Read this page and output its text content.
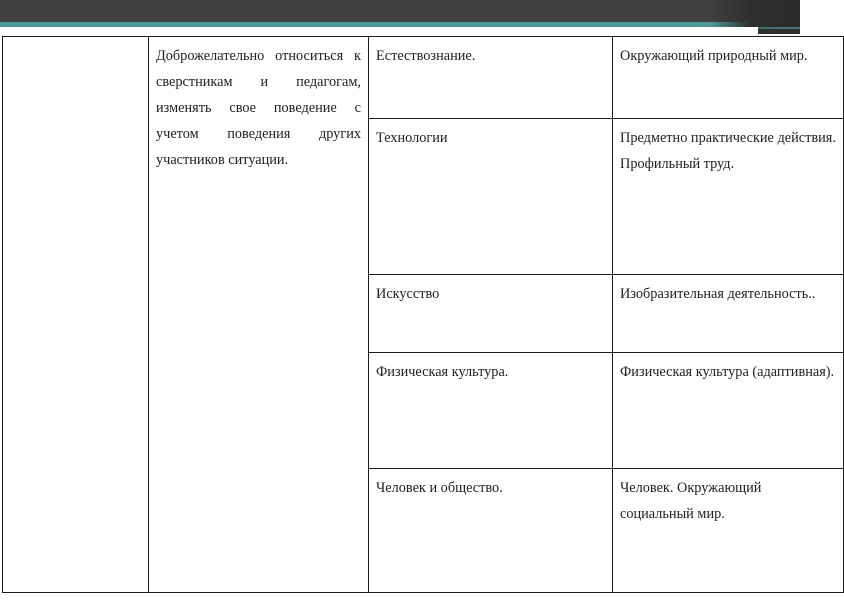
	Доброжелательно относиться к сверстникам и педагогам, изменять свое поведение с учетом поведения других участников ситуации.	Естествознание.	Окружающий природный мир.
		Технологии	Предметно практические действия. Профильный труд.
		Искусство	Изобразительная деятельность..
		Физическая культура.	Физическая культура (адаптивная).
		Человек и общество.	Человек. Окружающий социальный мир.
